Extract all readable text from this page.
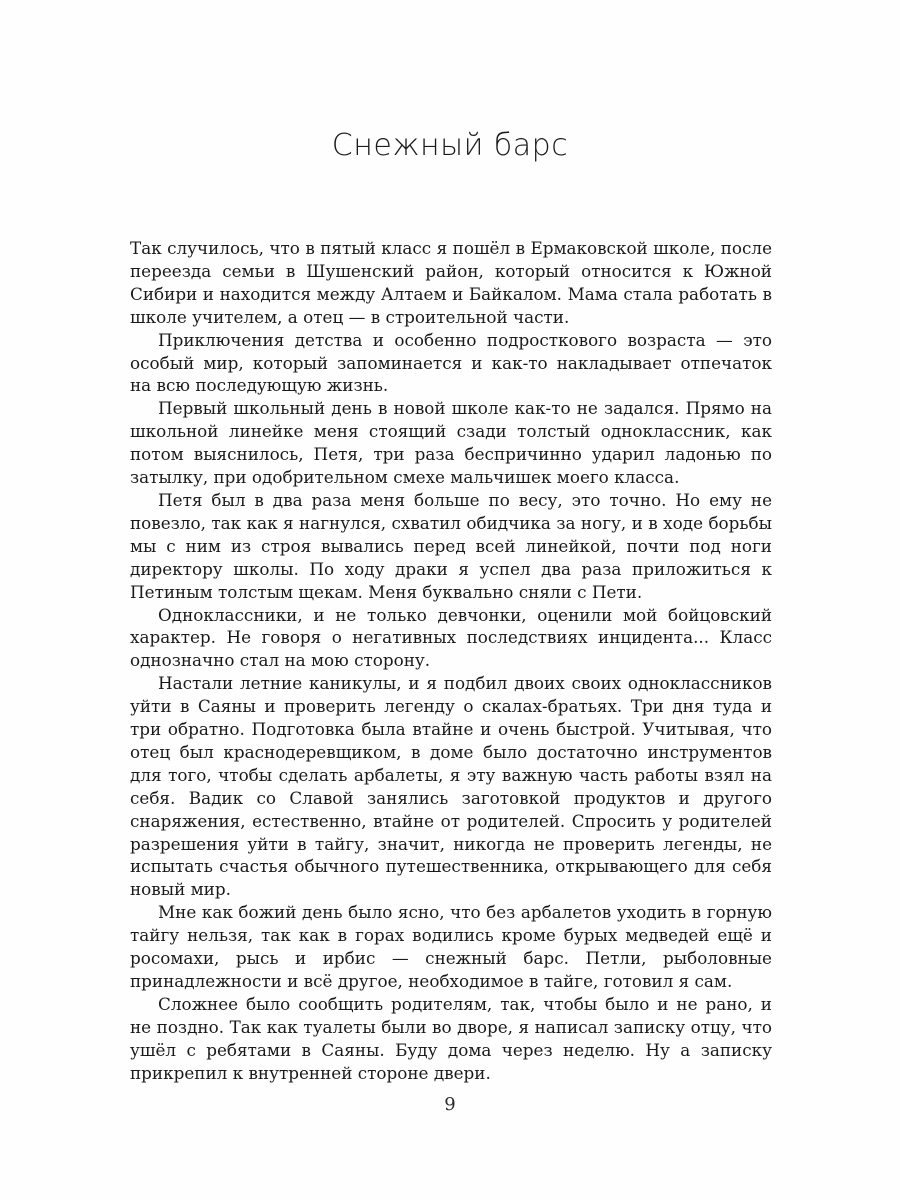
Снежный барс

Так случилось, что в пятый класс я пошёл в Ермаковской школе, после переезда семьи в Шушенский район, который относится к Южной Сибири и находится между Алтаем и Байкалом. Мама стала работать в школе учителем, а отец — в строительной части.

Приключения детства и особенно подросткового возраста — это особый мир, который запоминается и как-то накладывает отпечаток на всю последующую жизнь.

Первый школьный день в новой школе как-то не задался. Прямо на школьной линейке меня стоящий сзади толстый одноклассник, как потом выяснилось, Петя, три раза беспричинно ударил ладонью по затылку, при одобрительном смехе мальчишек моего класса.

Петя был в два раза меня больше по весу, это точно. Но ему не повезло, так как я нагнулся, схватил обидчика за ногу, и в ходе борьбы мы с ним из строя вывались перед всей линейкой, почти под ноги директору школы. По ходу драки я успел два раза приложиться к Петиным толстым щекам. Меня буквально сняли с Пети.

Одноклассники, и не только девчонки, оценили мой бойцовский характер. Не говоря о негативных последствиях инцидента... Класс однозначно стал на мою сторону.

Настали летние каникулы, и я подбил двоих своих одноклассников уйти в Саяны и проверить легенду о скалах-братьях. Три дня туда и три обратно. Подготовка была втайне и очень быстрой. Учитывая, что отец был краснодеревщиком, в доме было достаточно инструментов для того, чтобы сделать арбалеты, я эту важную часть работы взял на себя. Вадик со Славой занялись заготовкой продуктов и другого снаряжения, естественно, втайне от родителей. Спросить у родителей разрешения уйти в тайгу, значит, никогда не проверить легенды, не испытать счастья обычного путешественника, открывающего для себя новый мир.

Мне как божий день было ясно, что без арбалетов уходить в горную тайгу нельзя, так как в горах водились кроме бурых медведей ещё и росомахи, рысь и ирбис — снежный барс. Петли, рыболовные принадлежности и всё другое, необходимое в тайге, готовил я сам.

Сложнее было сообщить родителям, так, чтобы было и не рано, и не поздно. Так как туалеты были во дворе, я написал записку отцу, что ушёл с ребятами в Саяны. Буду дома через неделю. Ну а записку прикрепил к внутренней стороне двери.

9
